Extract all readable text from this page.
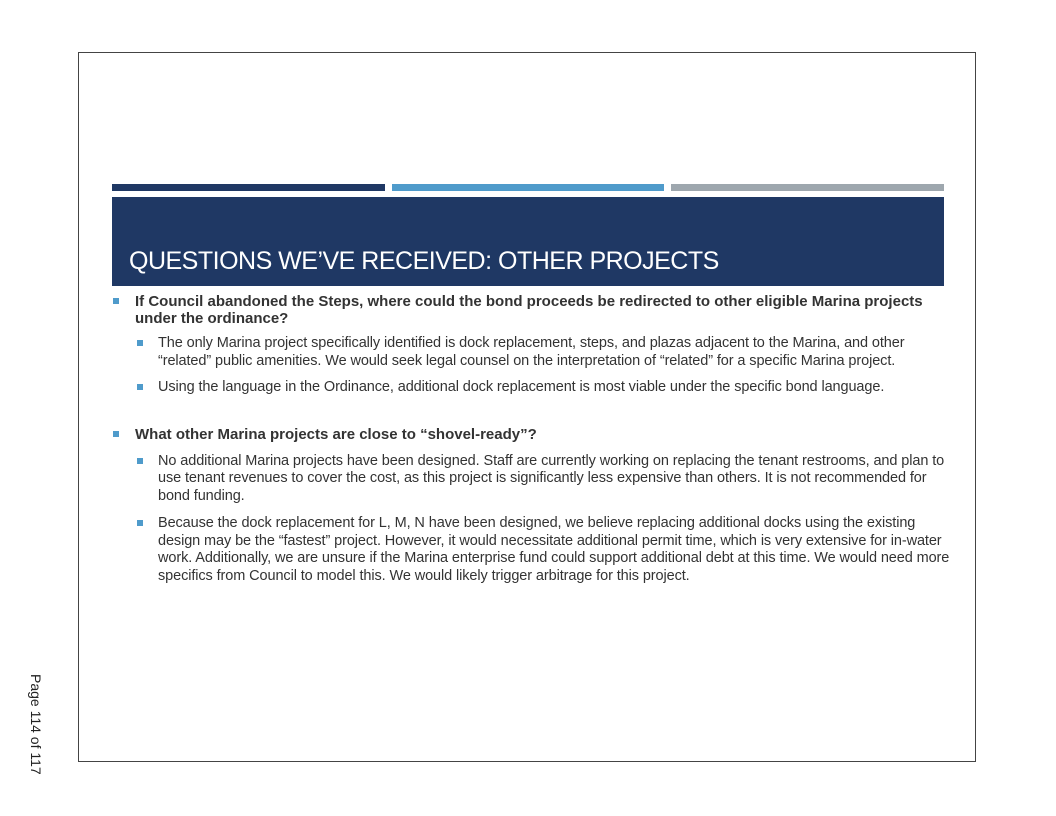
QUESTIONS WE’VE RECEIVED: OTHER PROJECTS
If Council abandoned the Steps, where could the bond proceeds be redirected to other eligible Marina projects under the ordinance?
The only Marina project specifically identified is dock replacement, steps, and plazas adjacent to the Marina, and other “related” public amenities. We would seek legal counsel on the interpretation of “related” for a specific Marina project.
Using the language in the Ordinance, additional dock replacement is most viable under the specific bond language.
What other Marina projects are close to “shovel-ready”?
No additional Marina projects have been designed. Staff are currently working on replacing the tenant restrooms, and plan to use tenant revenues to cover the cost, as this project is significantly less expensive than others. It is not recommended for bond funding.
Because the dock replacement for L, M, N have been designed, we believe replacing additional docks using the existing design may be the “fastest” project. However, it would necessitate additional permit time, which is very extensive for in-water work. Additionally, we are unsure if the Marina enterprise fund could support additional debt at this time. We would need more specifics from Council to model this. We would likely trigger arbitrage for this project.
Page 114 of 117
